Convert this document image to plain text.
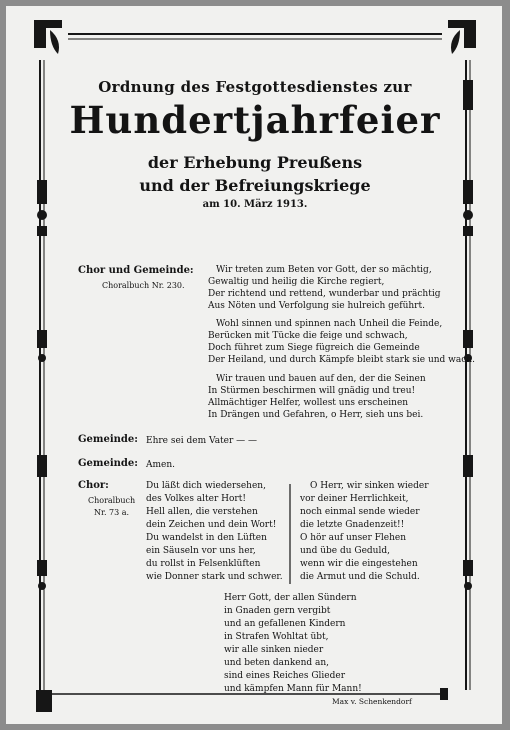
Ordnung des Festgottesdienstes zur
Hundertjahrfeier
der Erhebung Preußens
und der Befreiungskriege
am 10. März 1913.
Chor und Gemeinde:
Choralbuch Nr. 230.
Wir treten zum Beten vor Gott, der so mächtig,
Gewaltig und heilig die Kirche regiert,
Der richtend und rettend, wunderbar und prächtig
Aus Nöten und Verfolgung sie hulreich geführt.
Wohl sinnen und spinnen nach Unheil die Feinde,
Berücken mit Tücke die feige und schwach,
Doch führet zum Siege fügreich die Gemeinde
Der Heiland, und durch Kämpfe bleibt stark sie und wach.
Wir trauen und bauen auf den, der die Seinen
In Stürmen beschirmen will gnädig und treu!
Allmächtiger Helfer, wollest uns erscheinen
In Drängen und Gefahren, o Herr, sieh uns bei.
Gemeinde: Ehre sei dem Vater — —
Gemeinde: Amen.
Chor:
Choralbuch
Nr. 73 a.
Du läßt dich wiedersehen,
des Volkes alter Hort!
Hell allen, die verstehen
dein Zeichen und dein Wort!
Du wandelst in den Lüften
ein Säuseln vor uns her,
du rollst in Felsenklüften
wie Donner stark und schwer.
O Herr, wir sinken wieder
vor deiner Herrlichkeit,
noch einmal sende wieder
die letzte Gnadenzeit!!
O hör auf unser Flehen
und übe du Geduld,
wenn wir die eingestehen
die Armut und die Schuld.
Herr Gott, der allen Sündern
in Gnaden gern vergibt
und an gefallenen Kindern
in Strafen Wohltat übt,
wir alle sinken nieder
und beten dankend an,
sind eines Reiches Glieder
und kämpfen Mann für Mann!
Max v. Schenkendorf
